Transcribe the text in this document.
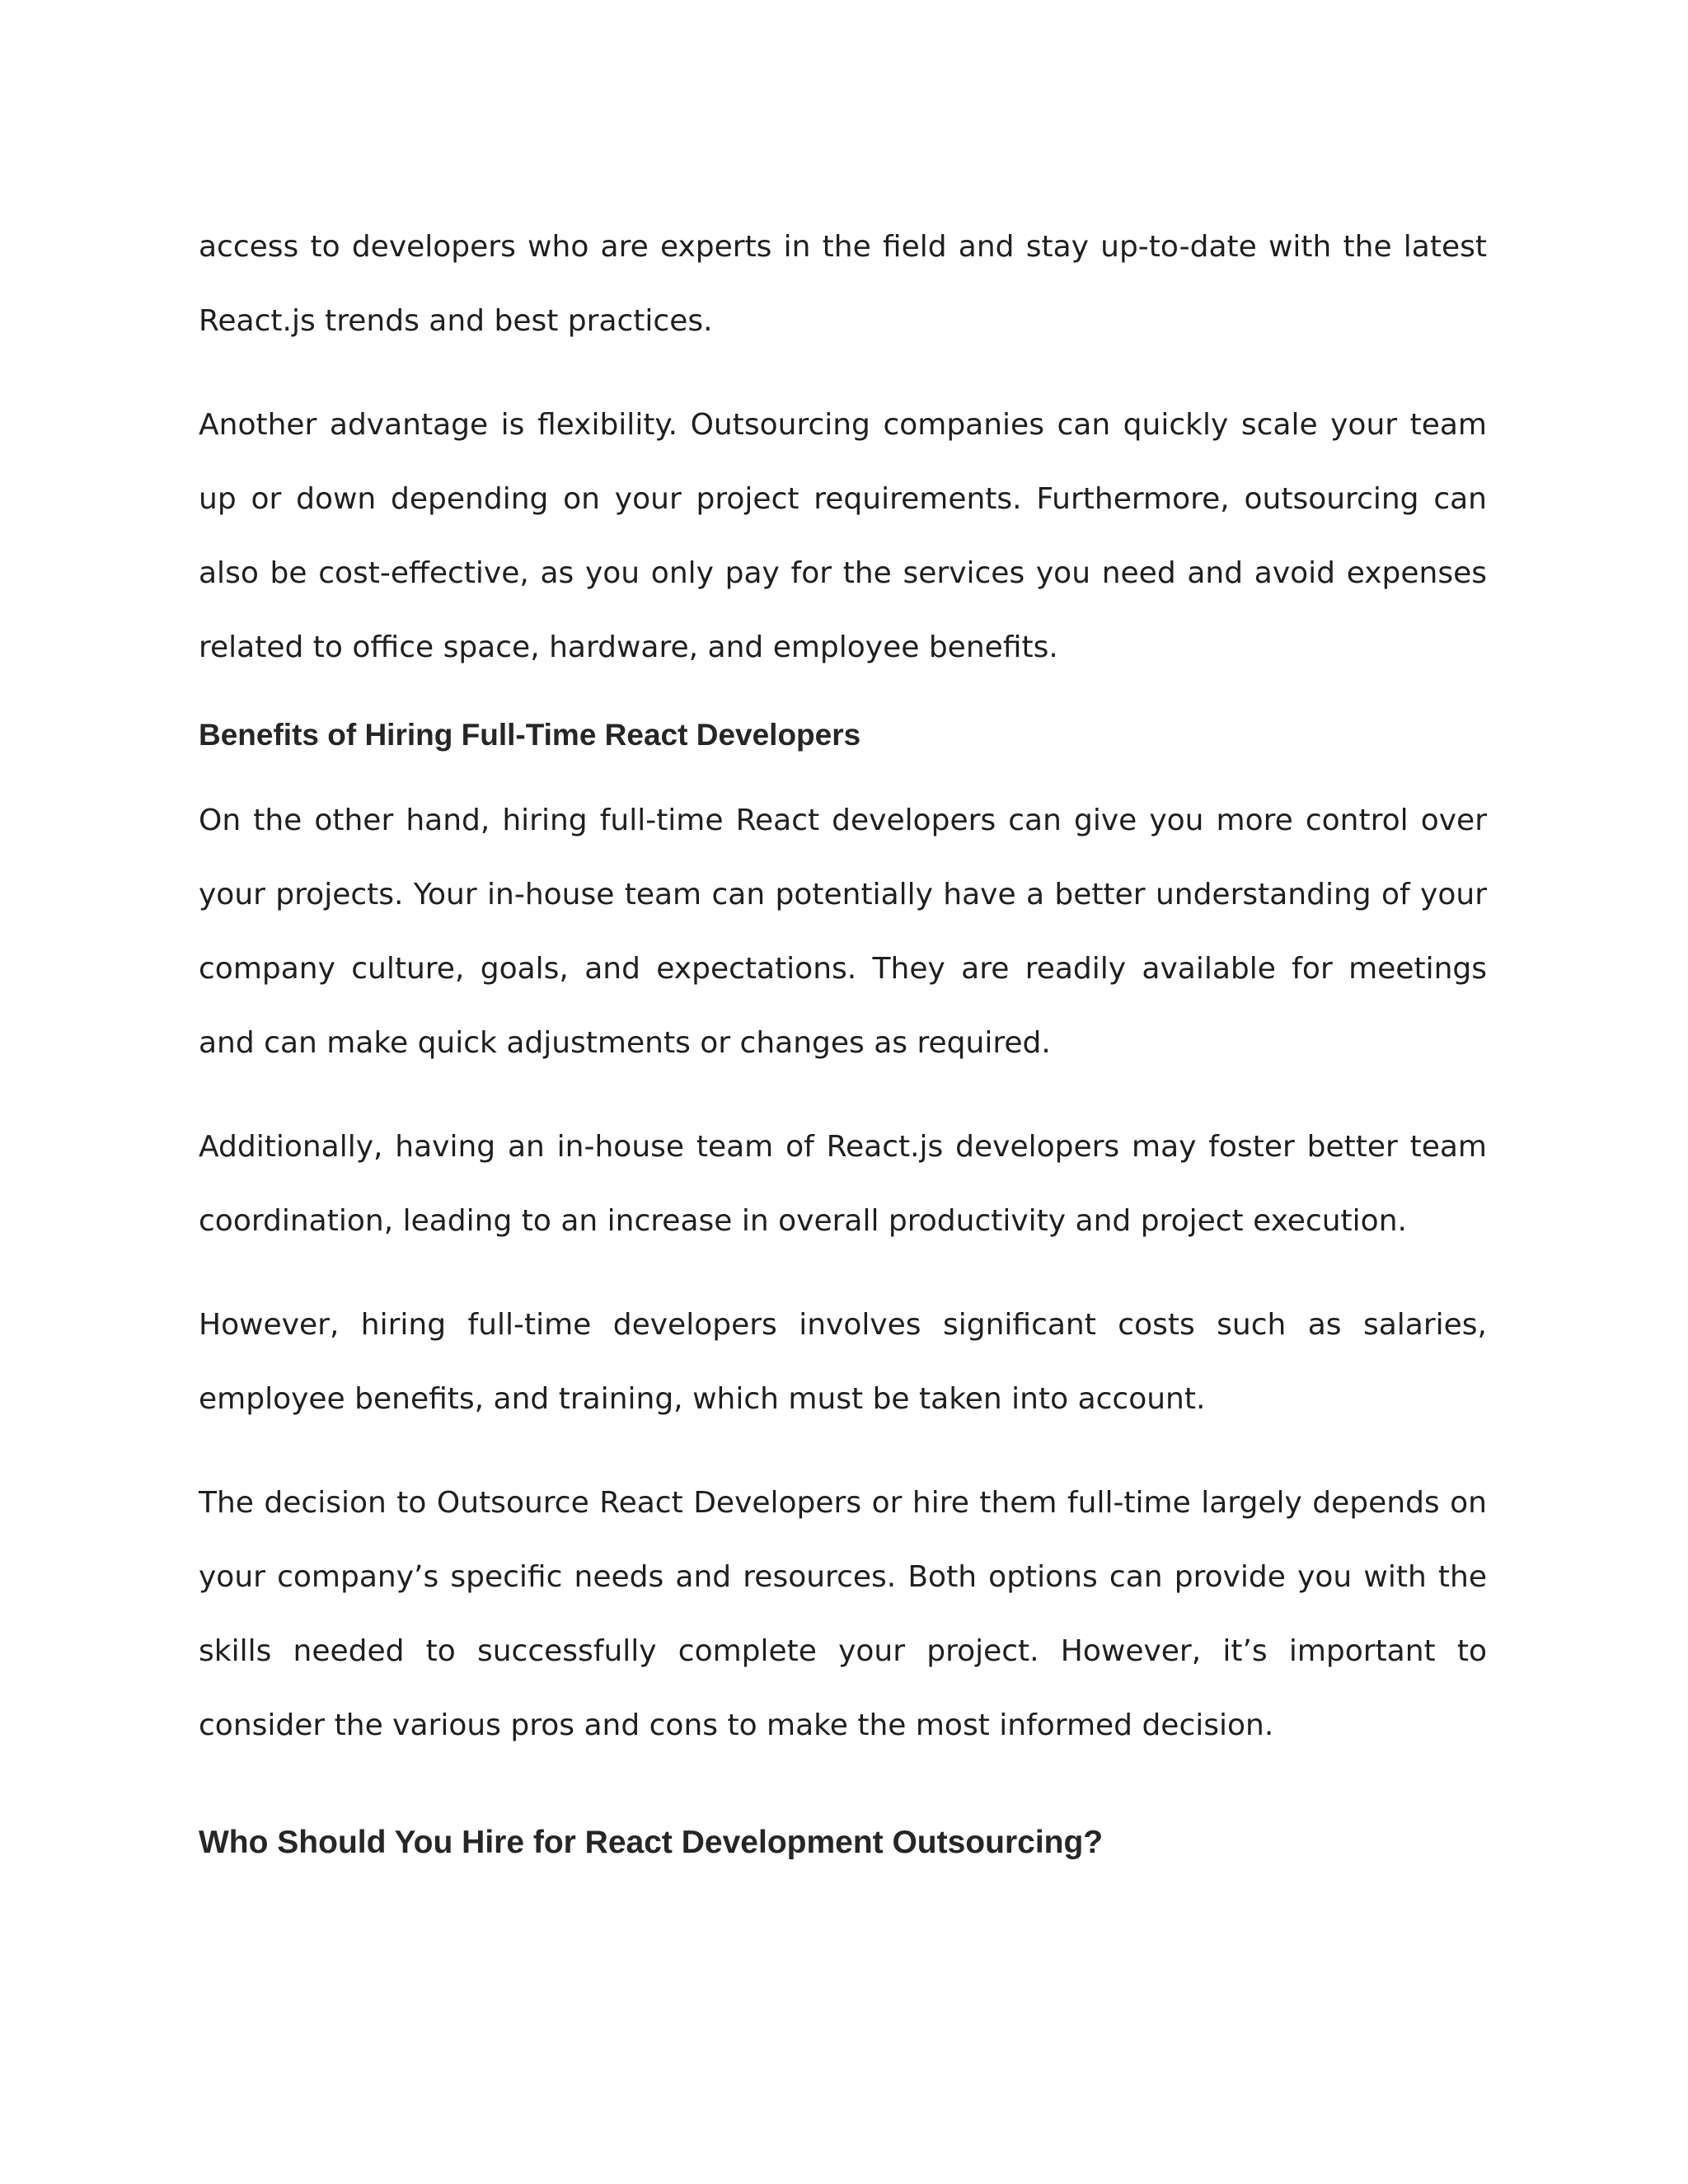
access to developers who are experts in the field and stay up-to-date with the latest React.js trends and best practices.

Another advantage is flexibility. Outsourcing companies can quickly scale your team up or down depending on your project requirements. Furthermore, outsourcing can also be cost-effective, as you only pay for the services you need and avoid expenses related to office space, hardware, and employee benefits.

Benefits of Hiring Full-Time React Developers

On the other hand, hiring full-time React developers can give you more control over your projects. Your in-house team can potentially have a better understanding of your company culture, goals, and expectations. They are readily available for meetings and can make quick adjustments or changes as required.

Additionally, having an in-house team of React.js developers may foster better team coordination, leading to an increase in overall productivity and project execution.

However, hiring full-time developers involves significant costs such as salaries, employee benefits, and training, which must be taken into account.

The decision to Outsource React Developers or hire them full-time largely depends on your company’s specific needs and resources. Both options can provide you with the skills needed to successfully complete your project. However, it’s important to consider the various pros and cons to make the most informed decision.

Who Should You Hire for React Development Outsourcing?
